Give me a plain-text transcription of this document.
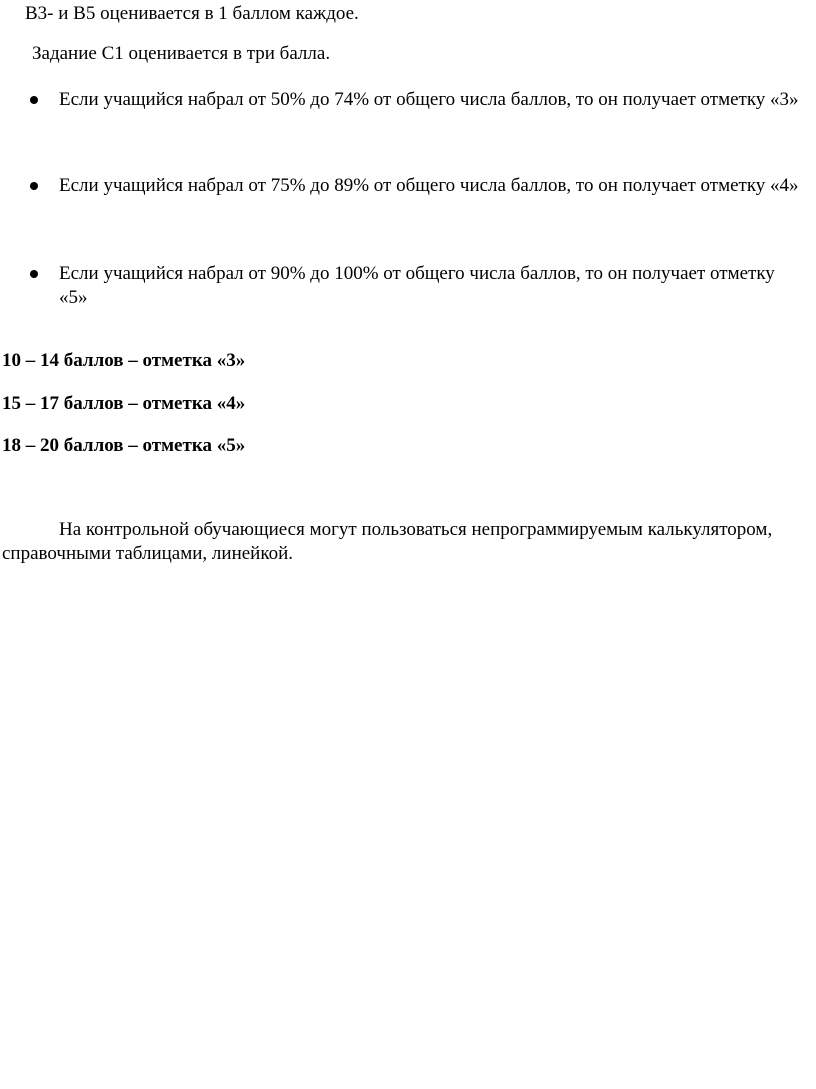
В3- и В5 оценивается в 1 баллом каждое.
Задание С1 оценивается в три балла.
Если учащийся набрал от 50% до 74% от общего числа баллов, то он получает отметку «3»
Если учащийся набрал от 75% до 89% от общего числа баллов, то он получает отметку «4»
Если учащийся набрал от 90% до 100% от общего числа баллов, то он получает отметку «5»
10 – 14 баллов – отметка «3»
15 – 17 баллов – отметка «4»
18 – 20 баллов – отметка «5»
На контрольной обучающиеся могут пользоваться непрограммируемым калькулятором, справочными таблицами, линейкой.
